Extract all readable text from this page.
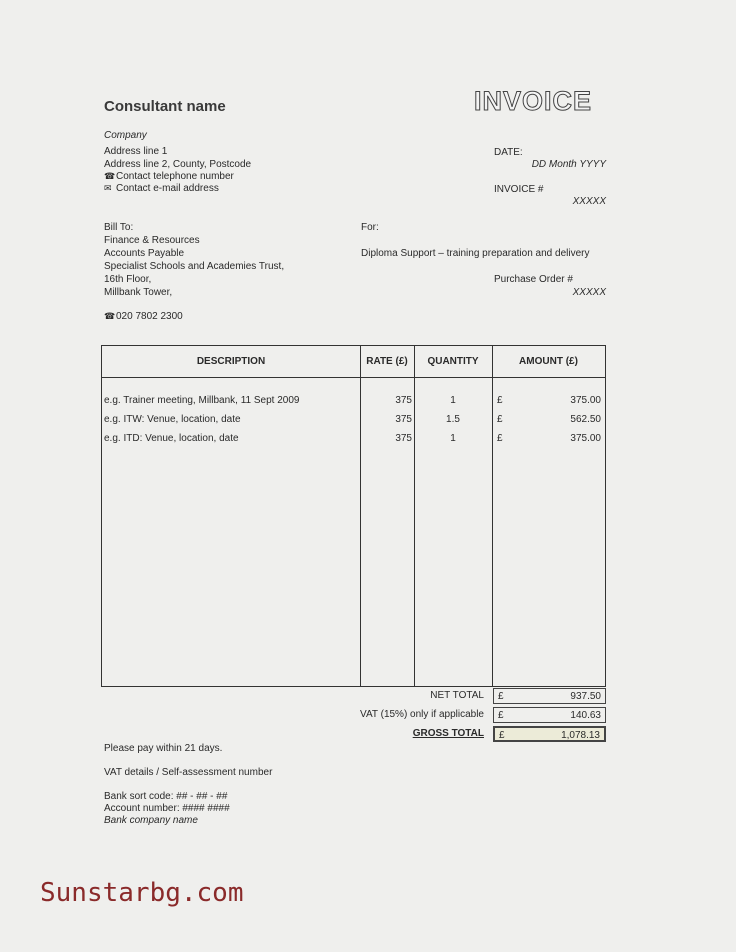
Consultant name	INVOICE
Company
Address line 1
Address line 2, County, Postcode
☎Contact telephone number
✉ Contact e-mail address
DATE:
DD Month YYYY
INVOICE #
XXXXX
Bill To:
Finance & Resources
Accounts Payable
Specialist Schools and Academies Trust,
16th Floor,
Millbank Tower,
☎020 7802 2300
For:
Diploma Support – training preparation and delivery
Purchase Order #
XXXXX
DESCRIPTION	RATE (£)	QUANTITY	AMOUNT (£)
e.g. Trainer meeting, Millbank, 11 Sept 2009	375	1	£	375.00
e.g. ITW: Venue, location, date	375	1.5	£	562.50
e.g. ITD: Venue, location, date	375	1	£	375.00
NET TOTAL £	937.50
VAT (15%) only if applicable £	140.63
GROSS TOTAL £	1,078.13
Please pay within 21 days.
VAT details / Self-assessment number
Bank sort code: ## - ## - ##
Account number: #### ####
Bank company name
Sunstarbg.com
